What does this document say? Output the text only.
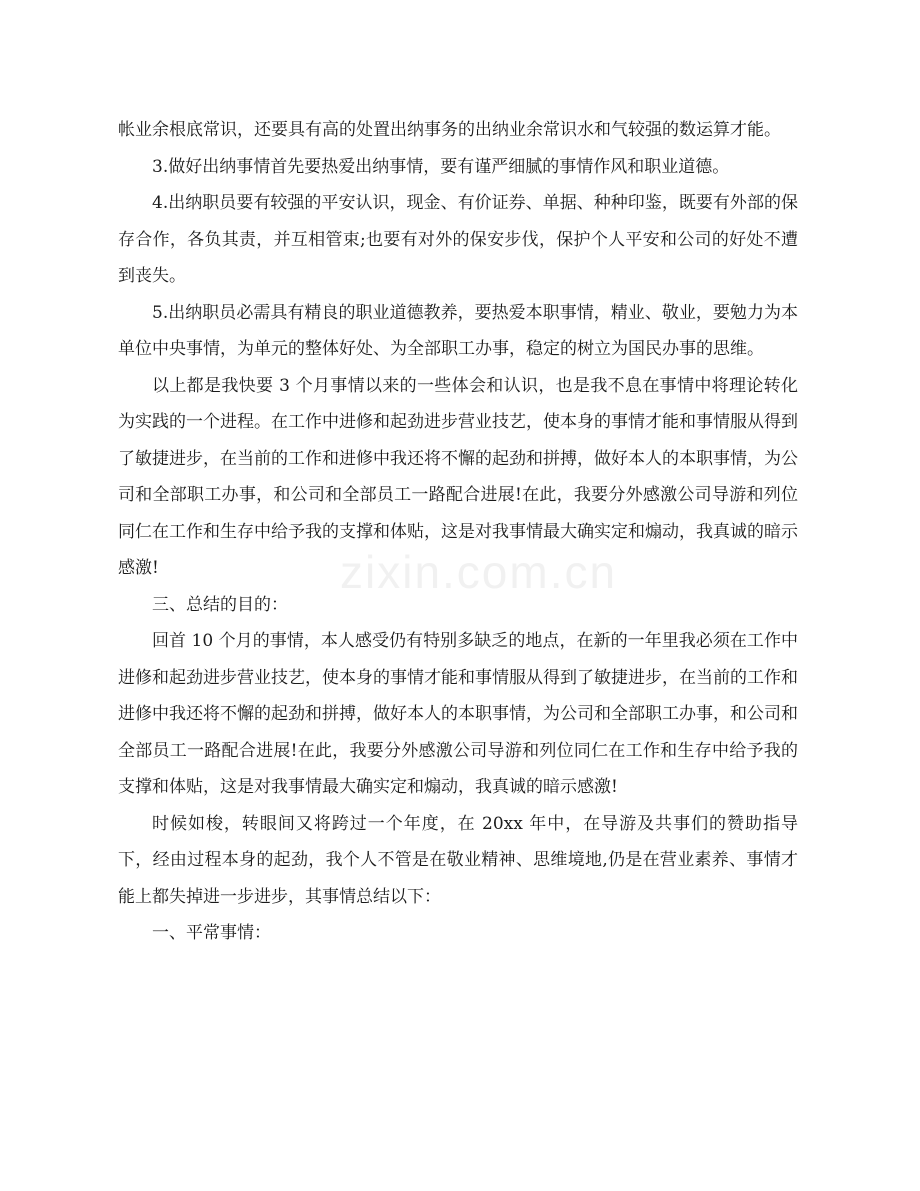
帐业余根底常识，还要具有高的处置出纳事务的出纳业余常识水和气较强的数运算才能。

3.做好出纳事情首先要热爱出纳事情，要有谨严细腻的事情作风和职业道德。

4.出纳职员要有较强的平安认识，现金、有价证券、单据、种种印鉴，既要有外部的保存合作，各负其责，并互相管束;也要有对外的保安步伐，保护个人平安和公司的好处不遭到丧失。

5.出纳职员必需具有精良的职业道德教养，要热爱本职事情，精业、敬业，要勉力为本单位中央事情，为单元的整体好处、为全部职工办事，稳定的树立为国民办事的思维。

以上都是我快要 3 个月事情以来的一些体会和认识，也是我不息在事情中将理论转化为实践的一个进程。在工作中进修和起劲进步营业技艺，使本身的事情才能和事情服从得到了敏捷进步，在当前的工作和进修中我还将不懈的起劲和拼搏，做好本人的本职事情，为公司和全部职工办事，和公司和全部员工一路配合进展!在此，我要分外感激公司导游和列位同仁在工作和生存中给予我的支撑和体贴，这是对我事情最大确实定和煽动，我真诚的暗示感激!

三、总结的目的：

回首 10 个月的事情，本人感受仍有特别多缺乏的地点，在新的一年里我必须在工作中进修和起劲进步营业技艺，使本身的事情才能和事情服从得到了敏捷进步，在当前的工作和进修中我还将不懈的起劲和拼搏，做好本人的本职事情，为公司和全部职工办事，和公司和全部员工一路配合进展!在此，我要分外感激公司导游和列位同仁在工作和生存中给予我的支撑和体贴，这是对我事情最大确实定和煽动，我真诚的暗示感激!

时候如梭，转眼间又将跨过一个年度，在 20xx 年中，在导游及共事们的赞助指导下，经由过程本身的起劲，我个人不管是在敬业精神、思维境地,仍是在营业素养、事情才能上都失掉进一步进步，其事情总结以下：

一、平常事情：

zixin.com.cn
